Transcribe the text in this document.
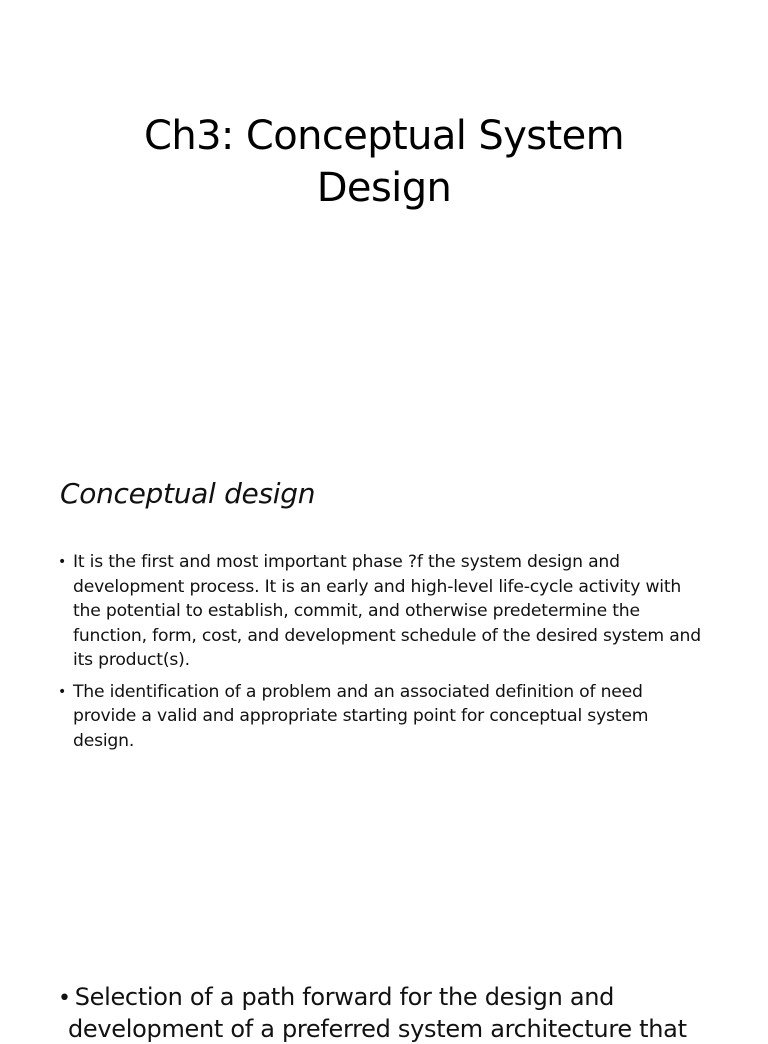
Ch3: Conceptual System
Design
Conceptual design
• It is the first and most important phase ?f the system design and development process. It is an early and high-level life-cycle activity with the potential to establish, commit, and otherwise predetermine the function, form, cost, and development schedule of the desired system and its product(s).
• The identification of a problem and an associated definition of need provide a valid and appropriate starting point for conceptual system design.
• Selection of a path forward for the design and
development of a preferred system architecture that
